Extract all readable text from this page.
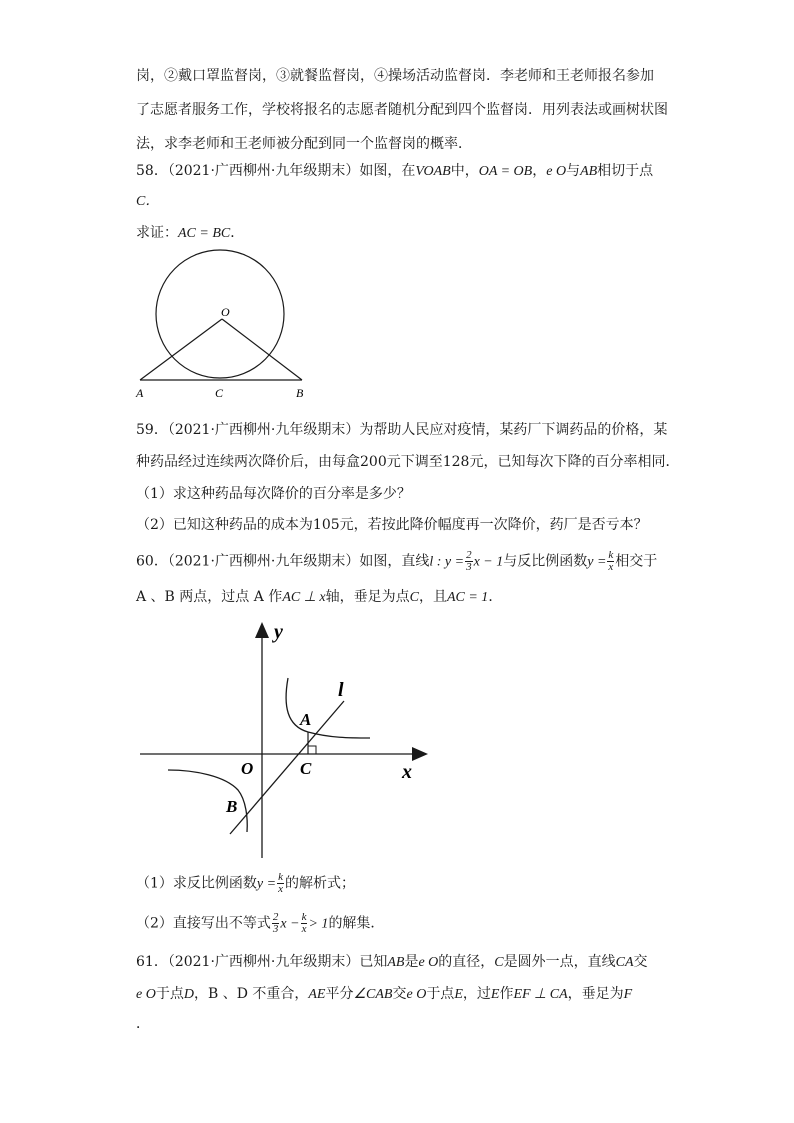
岗，②戴口罩监督岗，③就餐监督岗，④操场活动监督岗．李老师和王老师报名参加
了志愿者服务工作，学校将报名的志愿者随机分配到四个监督岗．用列表法或画树状图
法，求李老师和王老师被分配到同一个监督岗的概率．
58．（2021·广西柳州·九年级期末）如图，在VOAB中，OA = OB，e O与AB相切于点
C．
求证：AC = BC．
O
A	C	B
59．（2021·广西柳州·九年级期末）为帮助人民应对疫情，某药厂下调药品的价格，某
种药品经过连续两次降价后，由每盒200元下调至128元，已知每次下降的百分率相同．
（1）求这种药品每次降价的百分率是多少？
（2）已知这种药品的成本为105元，若按此降价幅度再一次降价，药厂是否亏本？
60．（2021·广西柳州·九年级期末）如图，直线l : $y = \frac{2}{3}$ x − 1与反比例函数$y = \frac{k}{x}$ 相交于
A 、B 两点，过点 A 作AC ⊥ x轴，垂足为点C，且AC = 1．
y
x
l
A
O	C
B
（1）求反比例函数$y = \frac{k}{x}$ 的解析式；
（2）直接写出不等式 $\frac{2}{3}$ $x - \frac{k}{x} > 1$的解集．
61．（2021·广西柳州·九年级期末）已知AB是e O的直径，C是圆外一点，直线CA交
e O于点D，B 、D 不重合，AE平分∠CAB交e O于点E，过E作EF ⊥ CA，垂足为F
．
